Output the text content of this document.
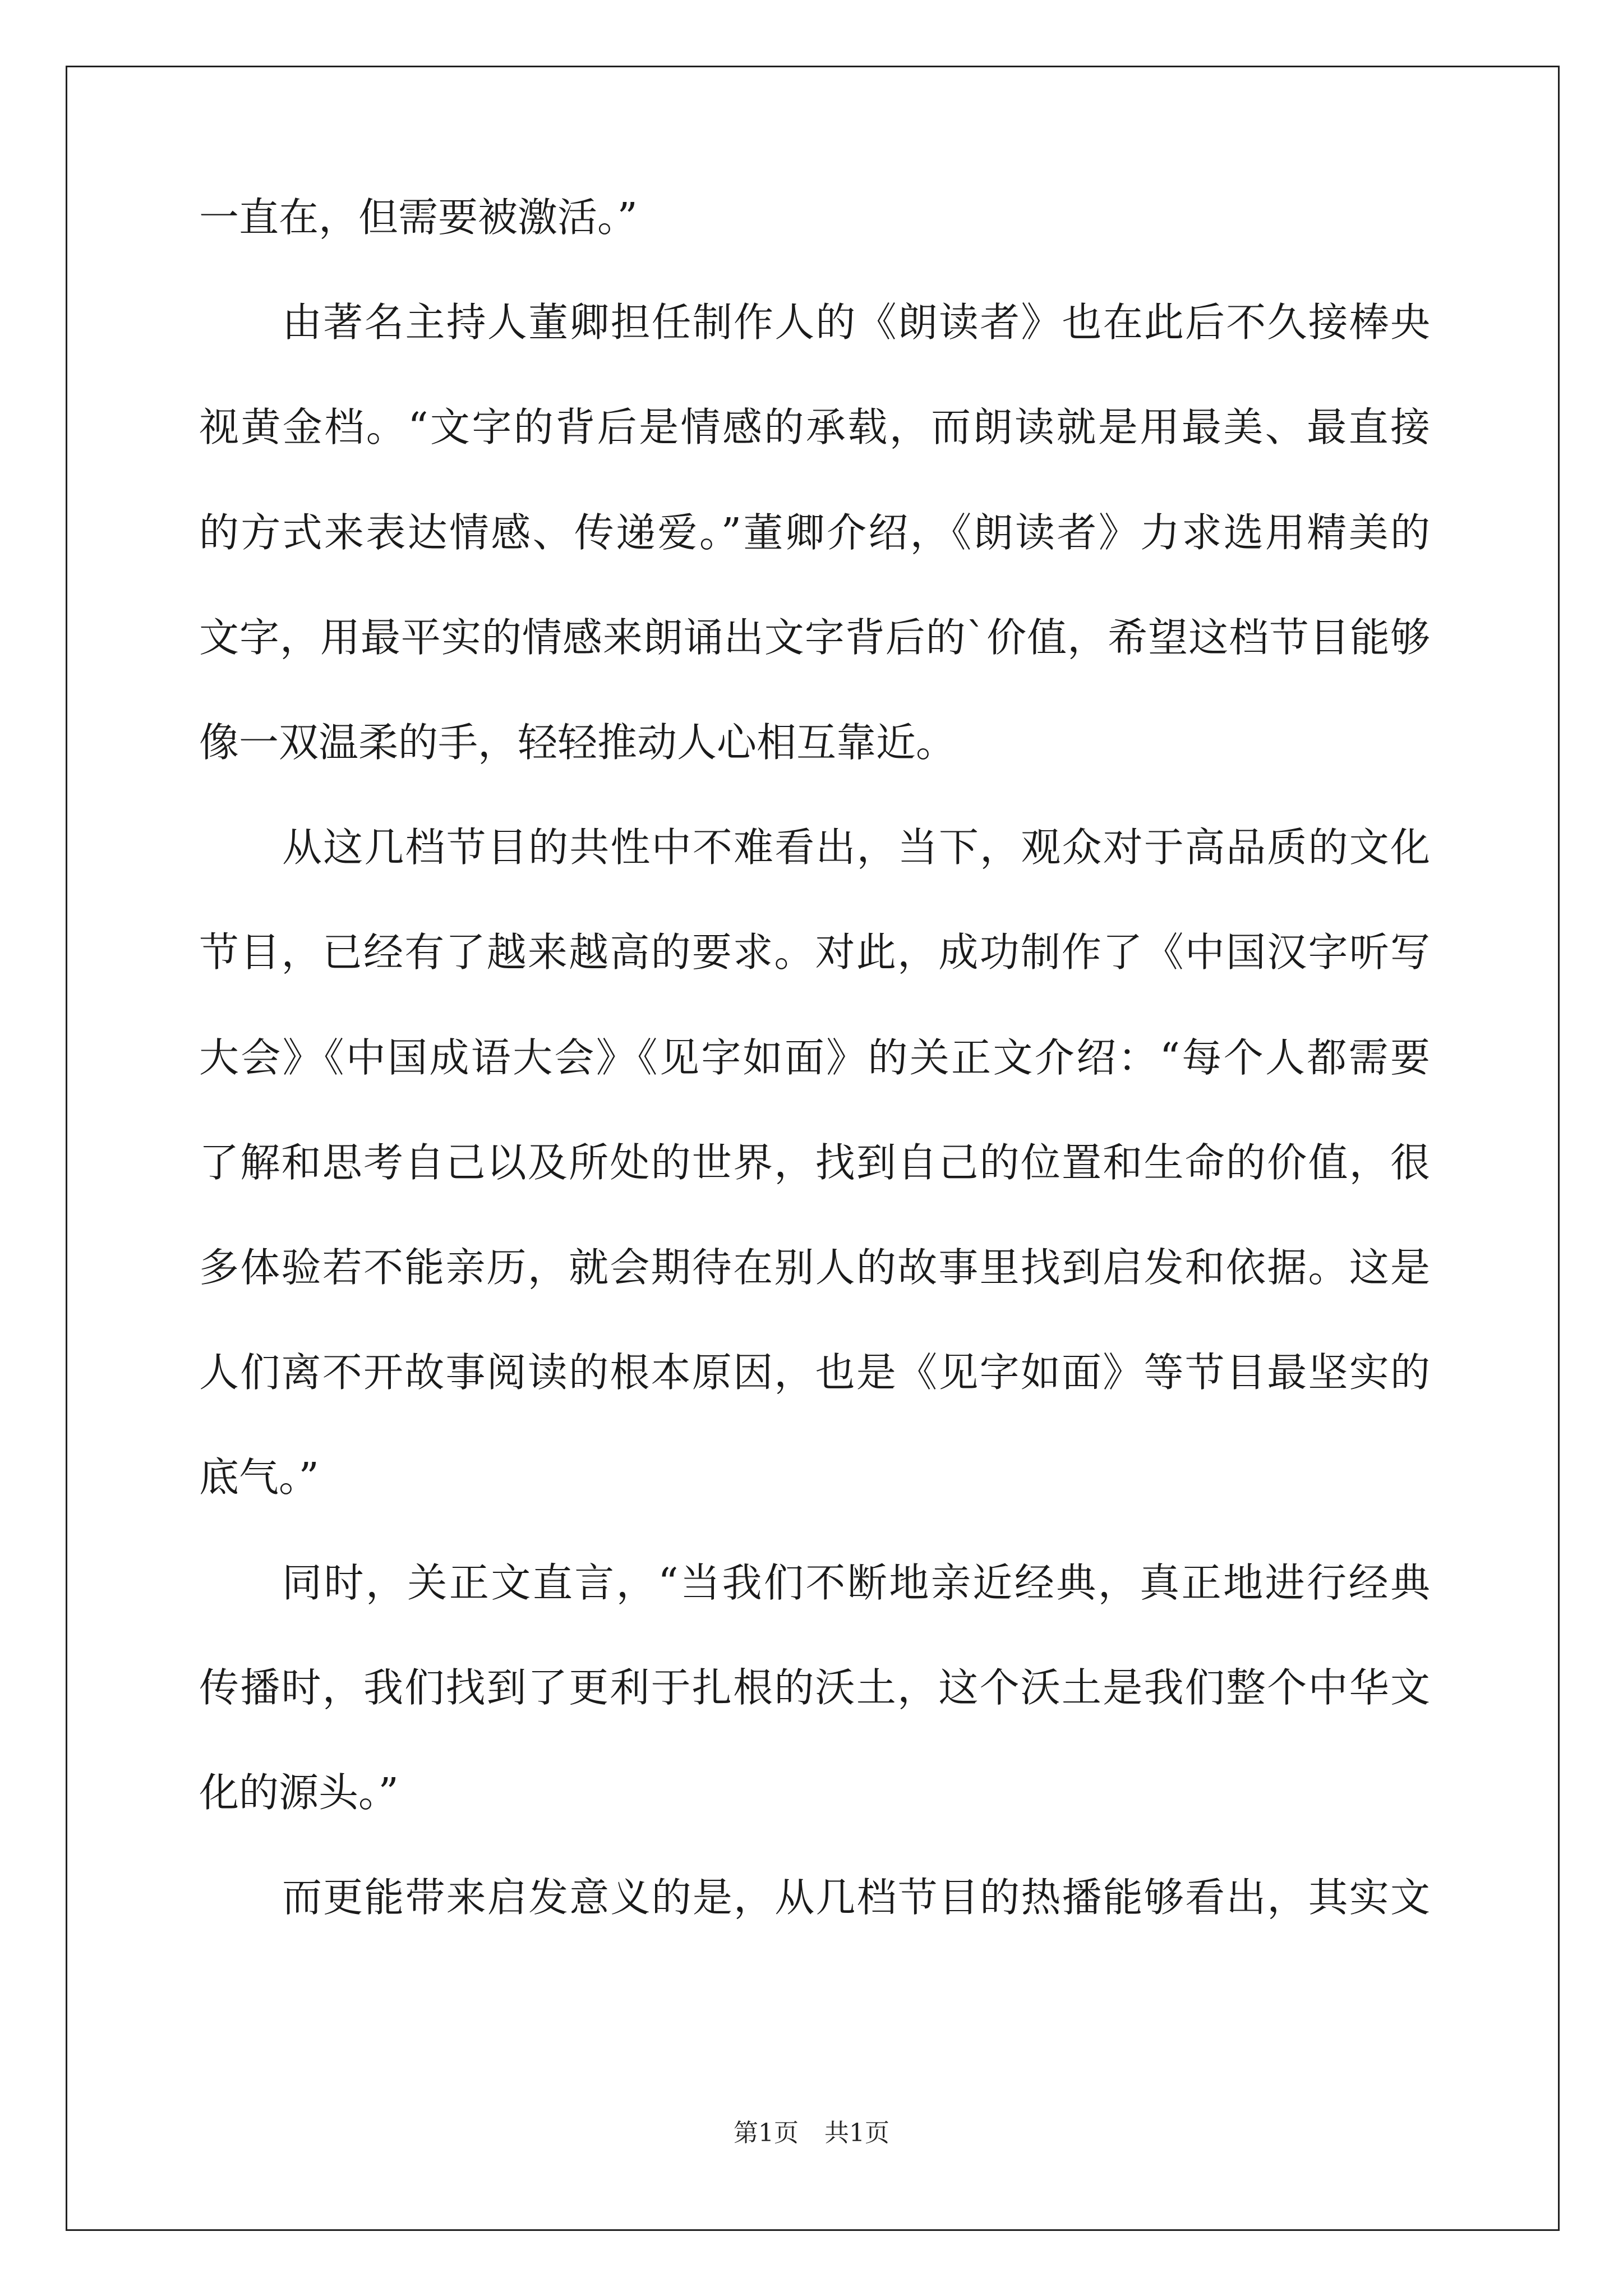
一直在，但需要被激活。”
由著名主持人董卿担任制作人的《朗读者》也在此后不久接棒央
视黄金档。“文字的背后是情感的承载，而朗读就是用最美、最直接
的方式来表达情感、传递爱。”董卿介绍，《朗读者》力求选用精美的
文字，用最平实的情感来朗诵出文字背后的`价值，希望这档节目能够
像一双温柔的手，轻轻推动人心相互靠近。
从这几档节目的共性中不难看出，当下，观众对于高品质的文化
节目，已经有了越来越高的要求。对此，成功制作了《中国汉字听写
大会》《中国成语大会》《见字如面》的关正文介绍：“每个人都需要
了解和思考自己以及所处的世界，找到自己的位置和生命的价值，很
多体验若不能亲历，就会期待在别人的故事里找到启发和依据。这是
人们离不开故事阅读的根本原因，也是《见字如面》等节目最坚实的
底气。”
同时，关正文直言，“当我们不断地亲近经典，真正地进行经典
传播时，我们找到了更利于扎根的沃土，这个沃土是我们整个中华文
化的源头。”
而更能带来启发意义的是，从几档节目的热播能够看出，其实文
第1页 共1页
